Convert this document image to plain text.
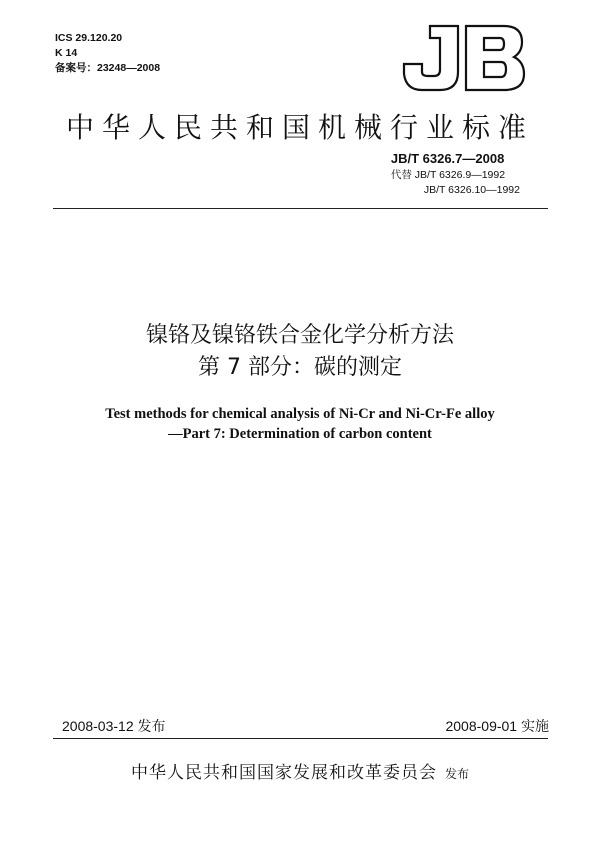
ICS 29.120.20
K 14
备案号：23248—2008
中华人民共和国机械行业标准
JB/T 6326.7—2008
代替 JB/T 6326.9—1992
JB/T 6326.10—1992
镍铬及镍铬铁合金化学分析方法
第 7 部分：碳的测定
Test methods for chemical analysis of Ni-Cr and Ni-Cr-Fe alloy
—Part 7: Determination of carbon content
2008-03-12 发布	2008-09-01 实施
中华人民共和国国家发展和改革委员会 发布
